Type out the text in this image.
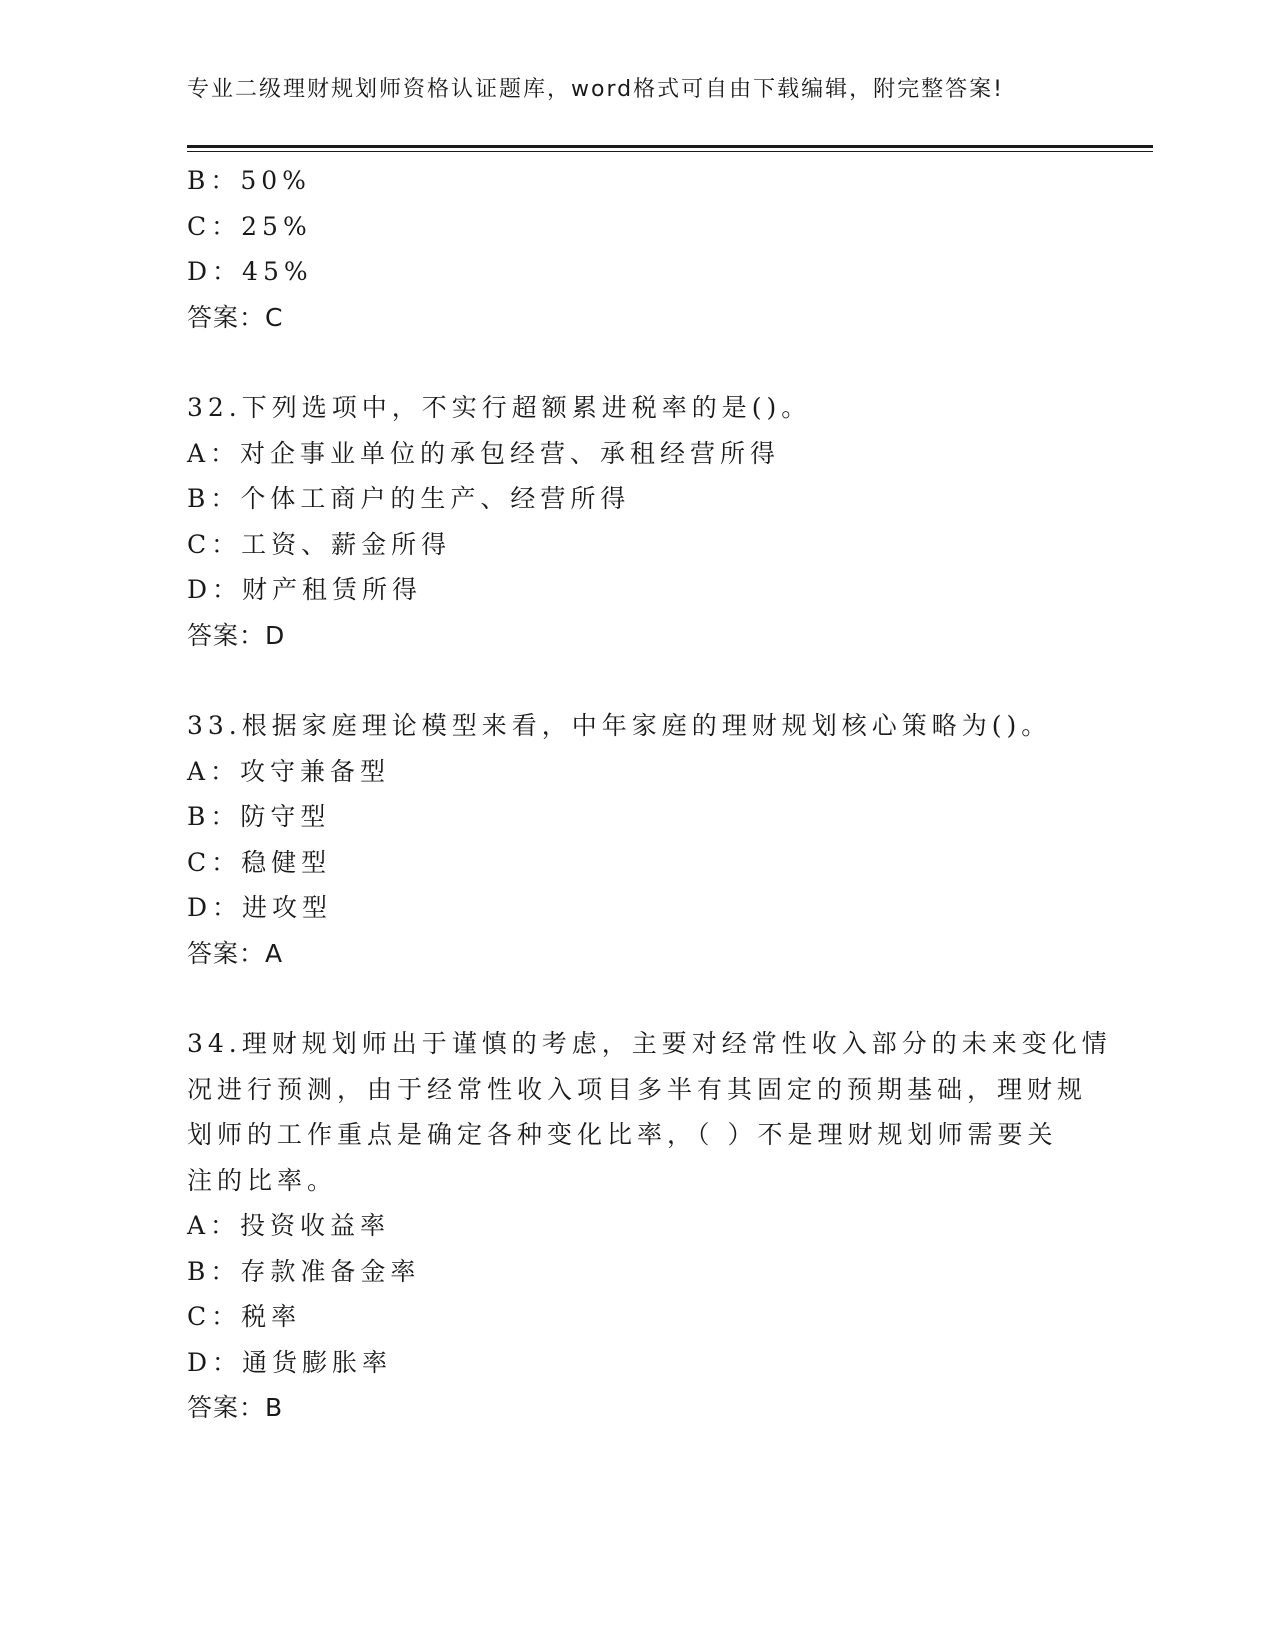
专业二级理财规划师资格认证题库，word格式可自由下载编辑，附完整答案!
B：50%
C：25%
D：45%
答案：C
32.下列选项中，不实行超额累进税率的是()。
A：对企事业单位的承包经营、承租经营所得
B：个体工商户的生产、经营所得
C：工资、薪金所得
D：财产租赁所得
答案：D
33.根据家庭理论模型来看，中年家庭的理财规划核心策略为()。
A：攻守兼备型
B：防守型
C：稳健型
D：进攻型
答案：A
34.理财规划师出于谨慎的考虑，主要对经常性收入部分的未来变化情
况进行预测，由于经常性收入项目多半有其固定的预期基础，理财规
划师的工作重点是确定各种变化比率，（ ）不是理财规划师需要关
注的比率。
A：投资收益率
B：存款准备金率
C：税率
D：通货膨胀率
答案：B
